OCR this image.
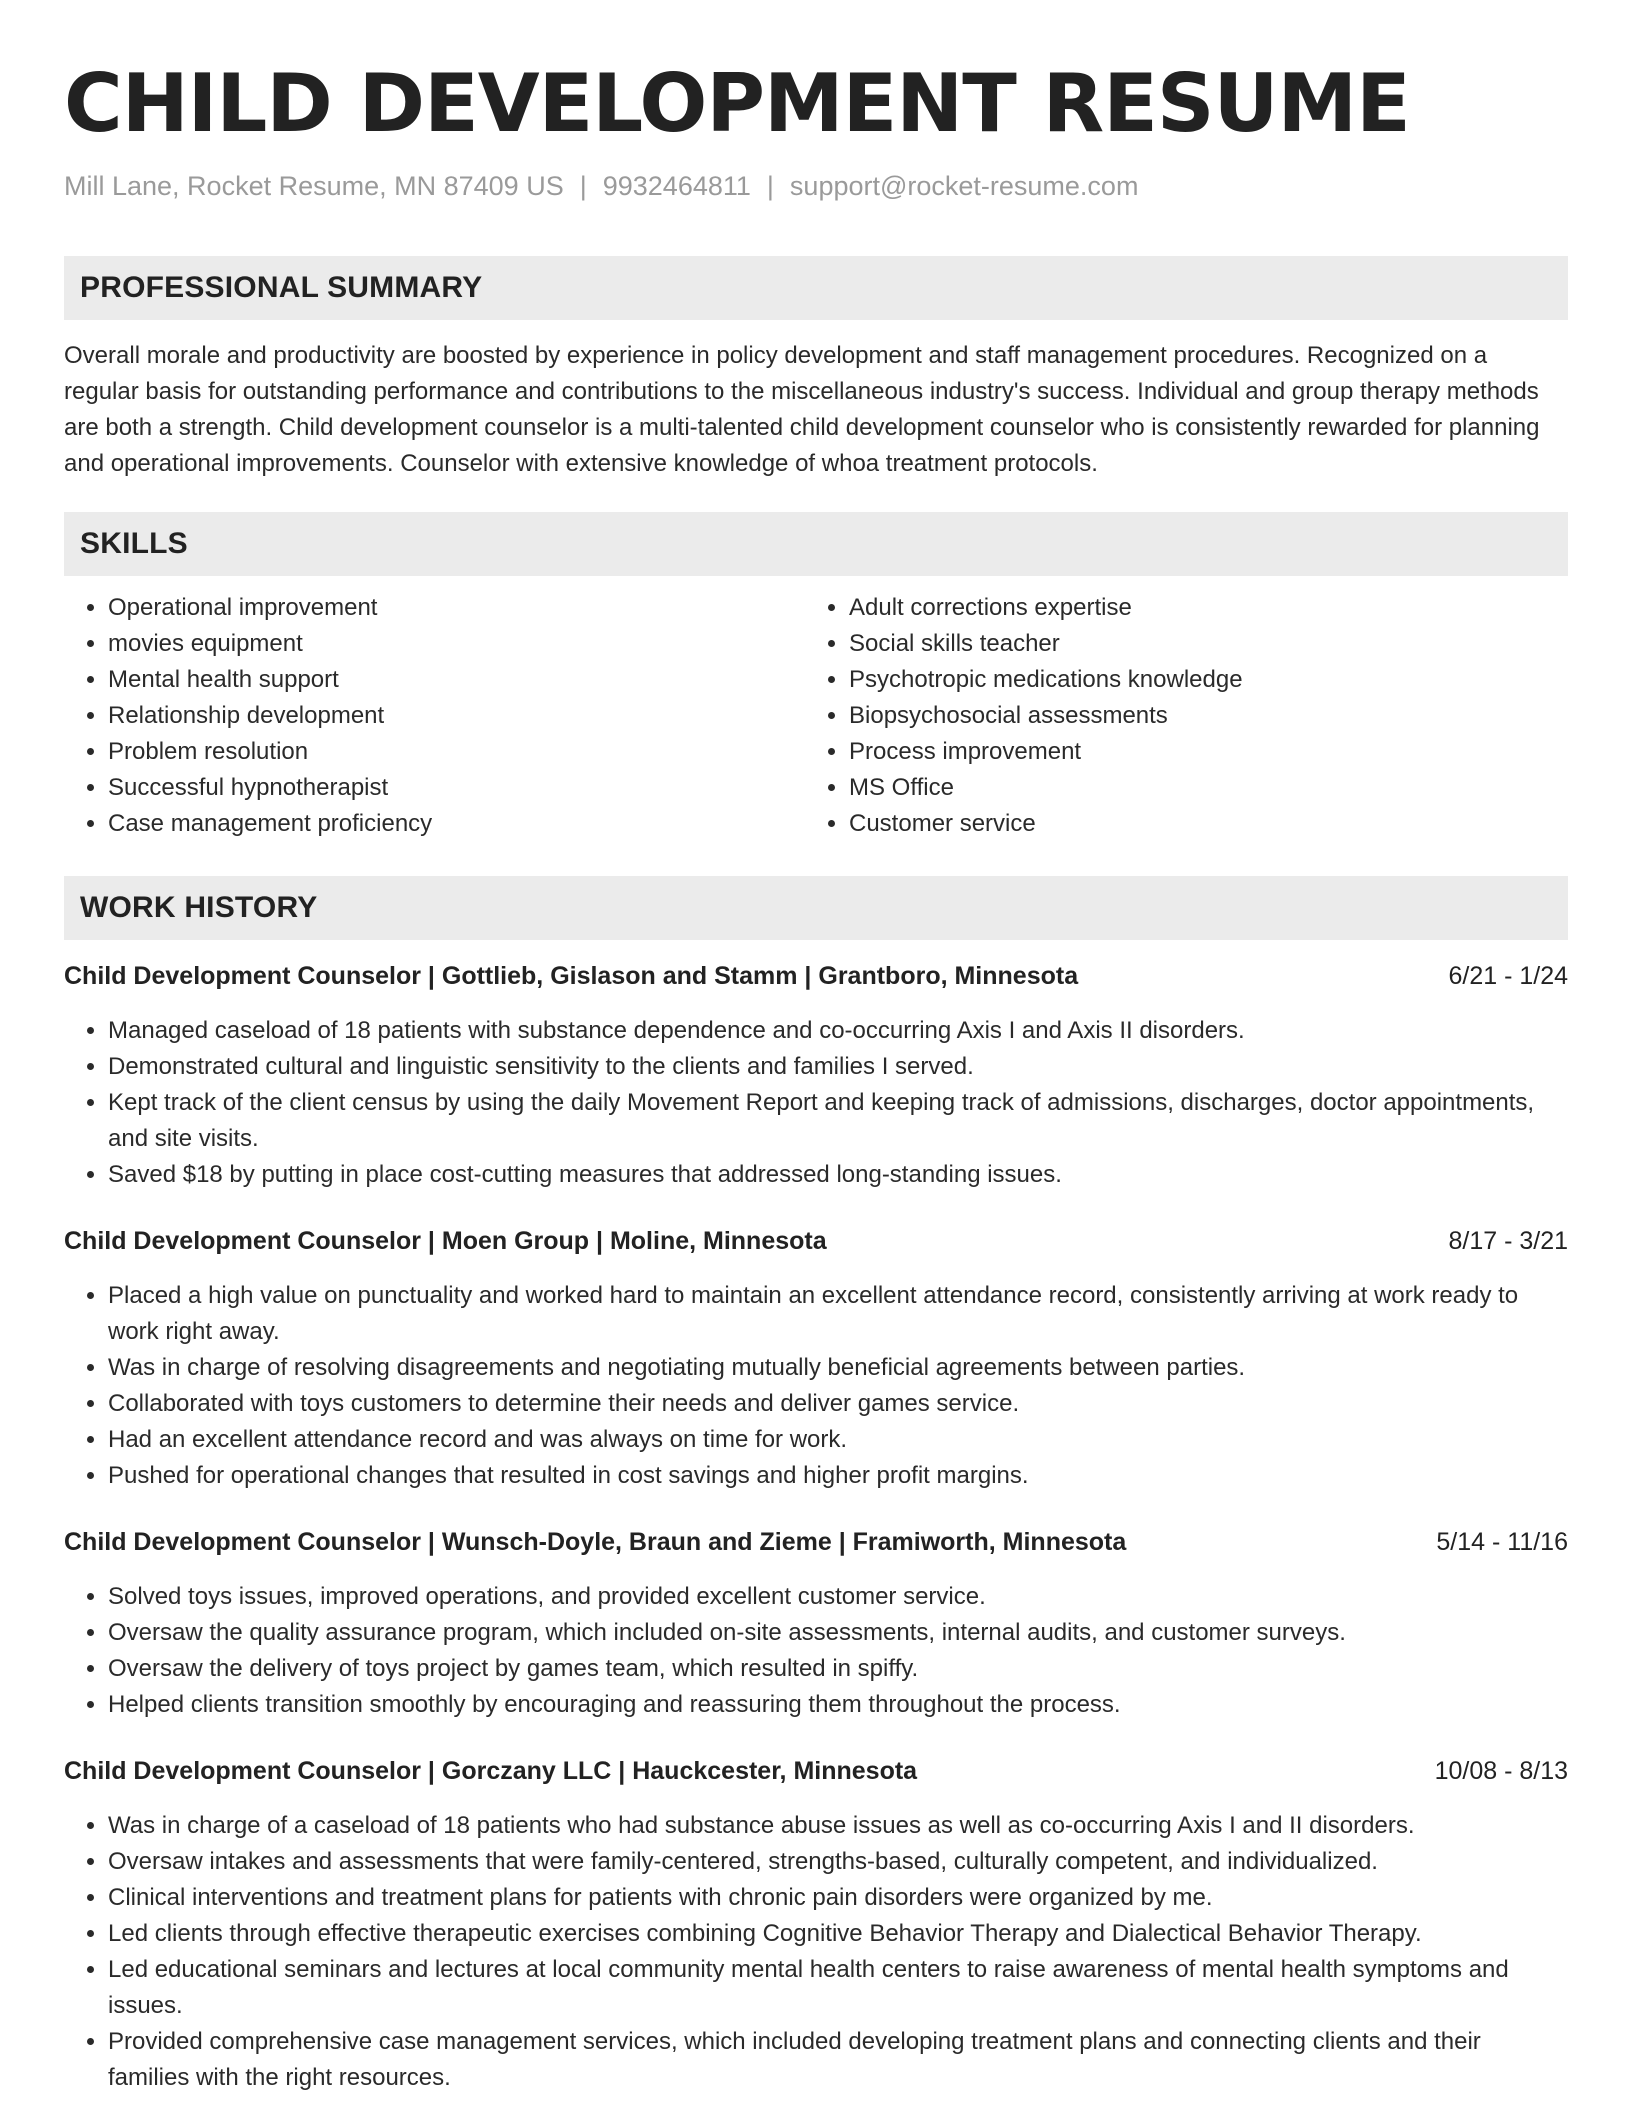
CHILD DEVELOPMENT RESUME
Mill Lane, Rocket Resume, MN 87409 US | 9932464811 | support@rocket-resume.com
PROFESSIONAL SUMMARY

Overall morale and productivity are boosted by experience in policy development and staff management procedures. Recognized on a regular basis for outstanding performance and contributions to the miscellaneous industry's success. Individual and group therapy methods are both a strength. Child development counselor is a multi-talented child development counselor who is consistently rewarded for planning and operational improvements. Counselor with extensive knowledge of whoa treatment protocols.

SKILLS
• Operational improvement
• movies equipment
• Mental health support
• Relationship development
• Problem resolution
• Successful hypnotherapist
• Case management proficiency
• Adult corrections expertise
• Social skills teacher
• Psychotropic medications knowledge
• Biopsychosocial assessments
• Process improvement
• MS Office
• Customer service
WORK HISTORY
Child Development Counselor | Gottlieb, Gislason and Stamm | Grantboro, Minnesota	6/21 - 1/24
• Managed caseload of 18 patients with substance dependence and co-occurring Axis I and Axis II disorders.
• Demonstrated cultural and linguistic sensitivity to the clients and families I served.
• Kept track of the client census by using the daily Movement Report and keeping track of admissions, discharges, doctor appointments, and site visits.
• Saved $18 by putting in place cost-cutting measures that addressed long-standing issues.
Child Development Counselor | Moen Group | Moline, Minnesota	8/17 - 3/21
• Placed a high value on punctuality and worked hard to maintain an excellent attendance record, consistently arriving at work ready to work right away.
• Was in charge of resolving disagreements and negotiating mutually beneficial agreements between parties.
• Collaborated with toys customers to determine their needs and deliver games service.
• Had an excellent attendance record and was always on time for work.
• Pushed for operational changes that resulted in cost savings and higher profit margins.
Child Development Counselor | Wunsch-Doyle, Braun and Zieme | Framiworth, Minnesota	5/14 - 11/16
• Solved toys issues, improved operations, and provided excellent customer service.
• Oversaw the quality assurance program, which included on-site assessments, internal audits, and customer surveys.
• Oversaw the delivery of toys project by games team, which resulted in spiffy.
• Helped clients transition smoothly by encouraging and reassuring them throughout the process.
Child Development Counselor | Gorczany LLC | Hauckcester, Minnesota	10/08 - 8/13
• Was in charge of a caseload of 18 patients who had substance abuse issues as well as co-occurring Axis I and II disorders.
• Oversaw intakes and assessments that were family-centered, strengths-based, culturally competent, and individualized.
• Clinical interventions and treatment plans for patients with chronic pain disorders were organized by me.
• Led clients through effective therapeutic exercises combining Cognitive Behavior Therapy and Dialectical Behavior Therapy.
• Led educational seminars and lectures at local community mental health centers to raise awareness of mental health symptoms and issues.
• Provided comprehensive case management services, which included developing treatment plans and connecting clients and their families with the right resources.
